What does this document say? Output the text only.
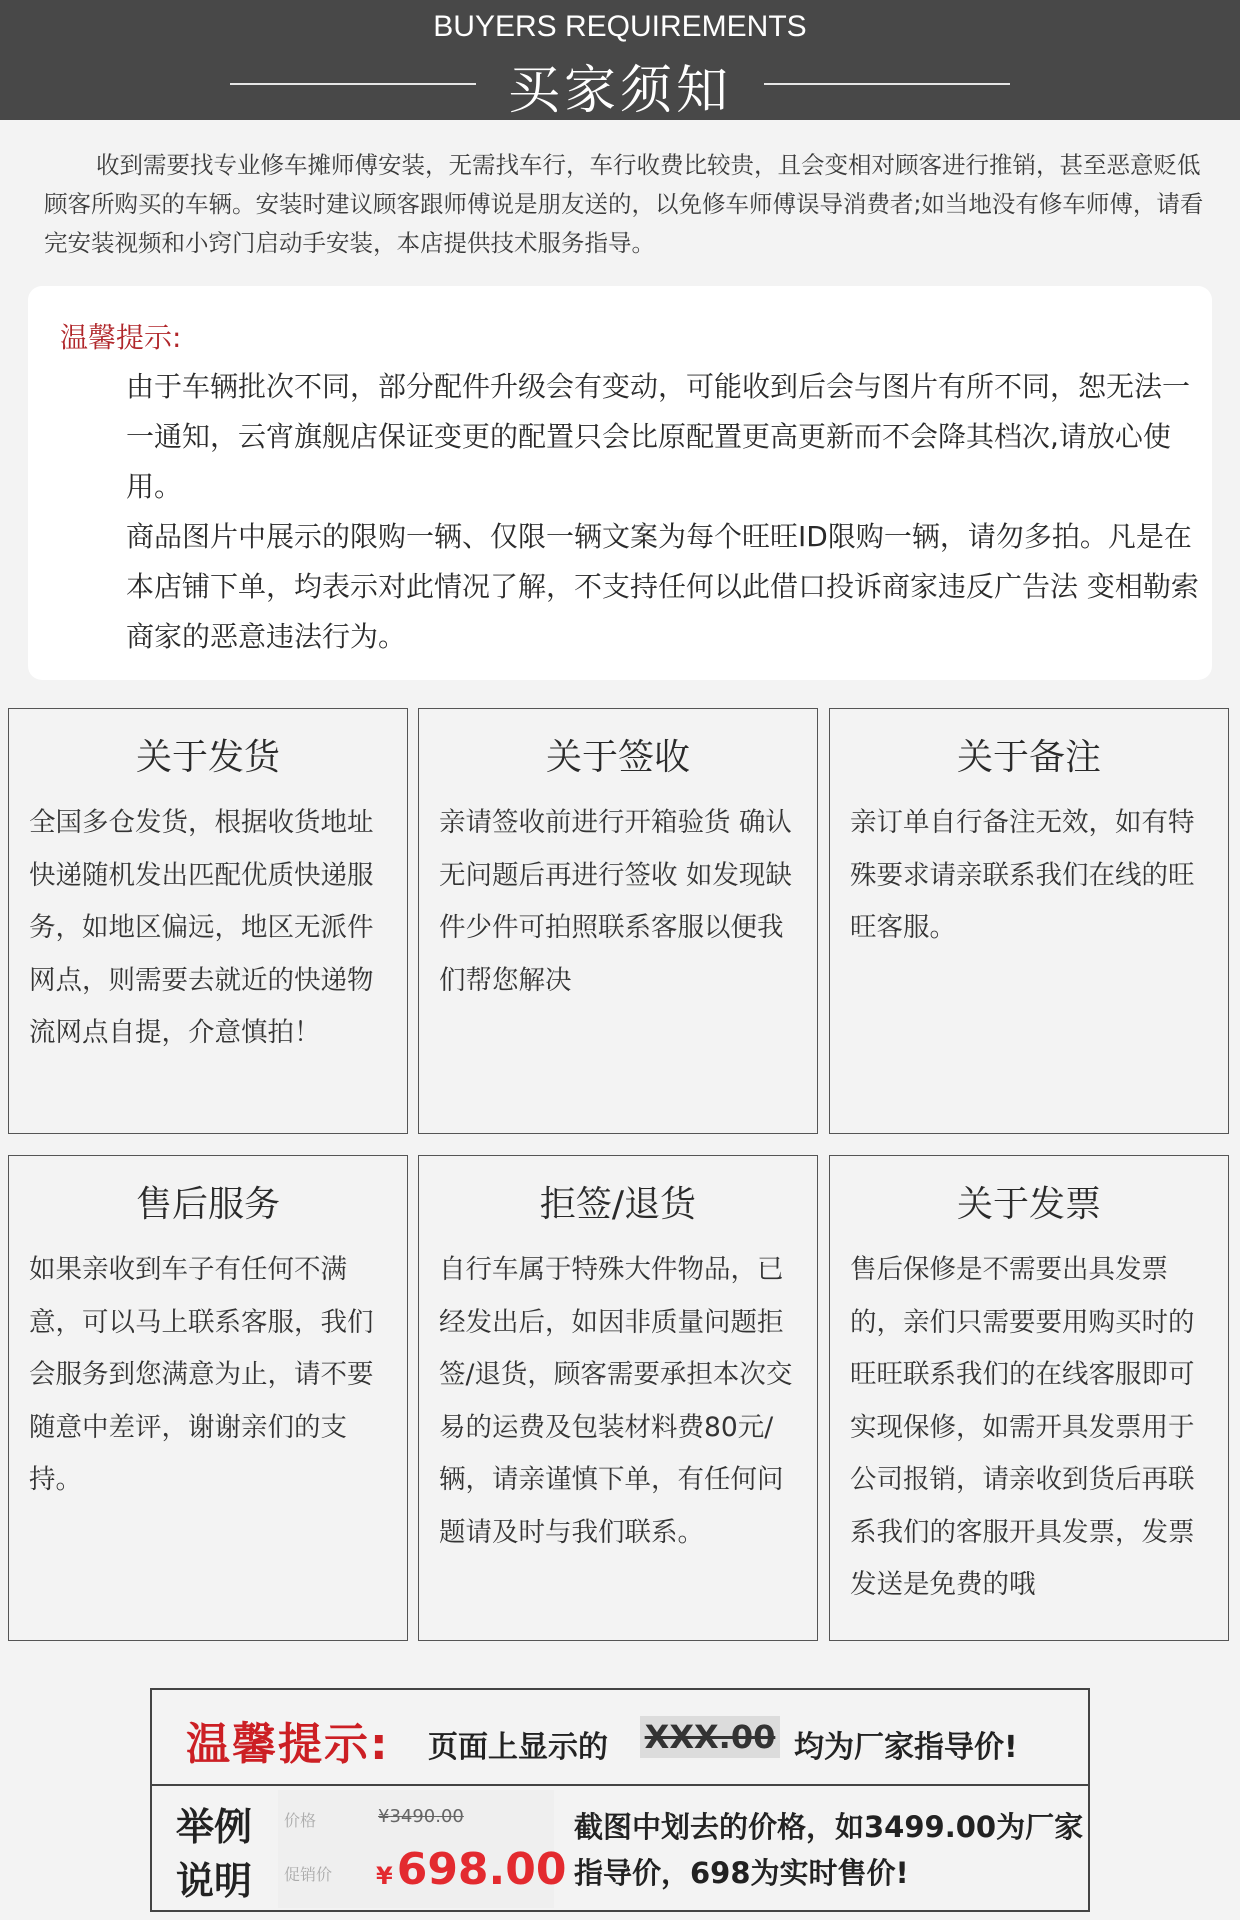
BUYERS REQUIREMENTS
买家须知

收到需要找专业修车摊师傅安装，无需找车行，车行收费比较贵，且会变相对顾客进行推销，甚至恶意贬低顾客所购买的车辆。安装时建议顾客跟师傅说是朋友送的，以免修车师傅误导消费者;如当地没有修车师傅，请看完安装视频和小窍门启动手安装，本店提供技术服务指导。

温馨提示:

由于车辆批次不同，部分配件升级会有变动，可能收到后会与图片有所不同，恕无法一一通知，云宵旗舰店保证变更的配置只会比原配置更高更新而不会降其档次,请放心使用。

商品图片中展示的限购一辆、仅限一辆文案为每个旺旺ID限购一辆，请勿多拍。凡是在本店铺下单，均表示对此情况了解，不支持任何以此借口投诉商家违反广告法 变相勒索商家的恶意违法行为。

关于发货
全国多仓发货，根据收货地址快递随机发出匹配优质快递服务，如地区偏远，地区无派件网点，则需要去就近的快递物流网点自提，介意慎拍！
关于签收
亲请签收前进行开箱验货 确认无问题后再进行签收 如发现缺件少件可拍照联系客服以便我们帮您解决
关于备注
亲订单自行备注无效，如有特殊要求请亲联系我们在线的旺旺客服。
售后服务
如果亲收到车子有任何不满意，可以马上联系客服，我们会服务到您满意为止，请不要随意中差评，谢谢亲们的支持。
拒签/退货
自行车属于特殊大件物品，已经发出后，如因非质量问题拒签/退货，顾客需要承担本次交易的运费及包装材料费80元/辆，请亲谨慎下单，有任何问题请及时与我们联系。
关于发票
售后保修是不需要出具发票的，亲们只需要要用购买时的旺旺联系我们的在线客服即可实现保修，如需开具发票用于公司报销，请亲收到货后再联系我们的客服开具发票，发票发送是免费的哦
温馨提示: 页面上显示的 XXX.00 均为厂家指导价!
举例说明
价格	¥3490.00
促销价 ¥698.00
截图中划去的价格，如3499.00为厂家指导价，698为实时售价!
